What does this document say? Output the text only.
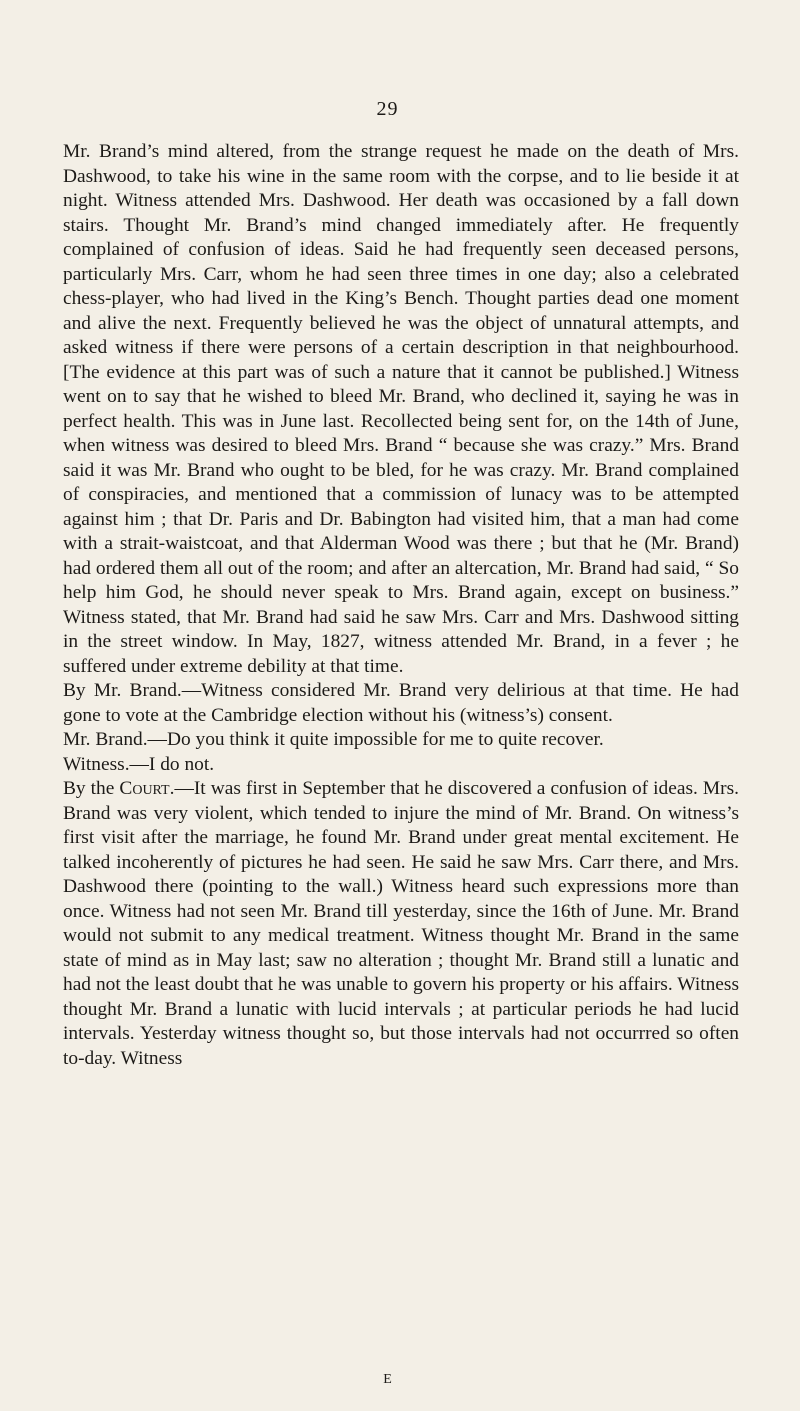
29

Mr. Brand’s mind altered, from the strange request he made on the death of Mrs. Dashwood, to take his wine in the same room with the corpse, and to lie beside it at night. Witness attended Mrs. Dashwood. Her death was occasioned by a fall down stairs. Thought Mr. Brand’s mind changed immediately after. He frequently complained of confusion of ideas. Said he had frequently seen deceased persons, particularly Mrs. Carr, whom he had seen three times in one day; also a celebrated chess-player, who had lived in the King’s Bench. Thought parties dead one moment and alive the next. Frequently believed he was the object of unnatural attempts, and asked witness if there were persons of a certain description in that neighbourhood. [The evidence at this part was of such a nature that it cannot be published.] Witness went on to say that he wished to bleed Mr. Brand, who declined it, saying he was in perfect health. This was in June last. Recollected being sent for, on the 14th of June, when witness was desired to bleed Mrs. Brand “ because she was crazy.” Mrs. Brand said it was Mr. Brand who ought to be bled, for he was crazy. Mr. Brand complained of conspiracies, and mentioned that a commission of lunacy was to be attempted against him ; that Dr. Paris and Dr. Babington had visited him, that a man had come with a strait-waistcoat, and that Alderman Wood was there ; but that he (Mr. Brand) had ordered them all out of the room; and after an altercation, Mr. Brand had said, “ So help him God, he should never speak to Mrs. Brand again, except on business.” Witness stated, that Mr. Brand had said he saw Mrs. Carr and Mrs. Dashwood sitting in the street window. In May, 1827, witness attended Mr. Brand, in a fever ; he suffered under extreme debility at that time.

By Mr. Brand.—Witness considered Mr. Brand very delirious at that time. He had gone to vote at the Cambridge election without his (witness’s) consent.

Mr. Brand.—Do you think it quite impossible for me to quite recover.

Witness.—I do not.

By the Court.—It was first in September that he discovered a confusion of ideas. Mrs. Brand was very violent, which tended to injure the mind of Mr. Brand. On witness’s first visit after the marriage, he found Mr. Brand under great mental excitement. He talked incoherently of pictures he had seen. He said he saw Mrs. Carr there, and Mrs. Dashwood there (pointing to the wall.) Witness heard such expressions more than once. Witness had not seen Mr. Brand till yesterday, since the 16th of June. Mr. Brand would not submit to any medical treatment. Witness thought Mr. Brand in the same state of mind as in May last; saw no alteration ; thought Mr. Brand still a lunatic and had not the least doubt that he was unable to govern his property or his affairs. Witness thought Mr. Brand a lunatic with lucid intervals ; at particular periods he had lucid intervals. Yesterday witness thought so, but those intervals had not occurrred so often to-day. Witness

E
